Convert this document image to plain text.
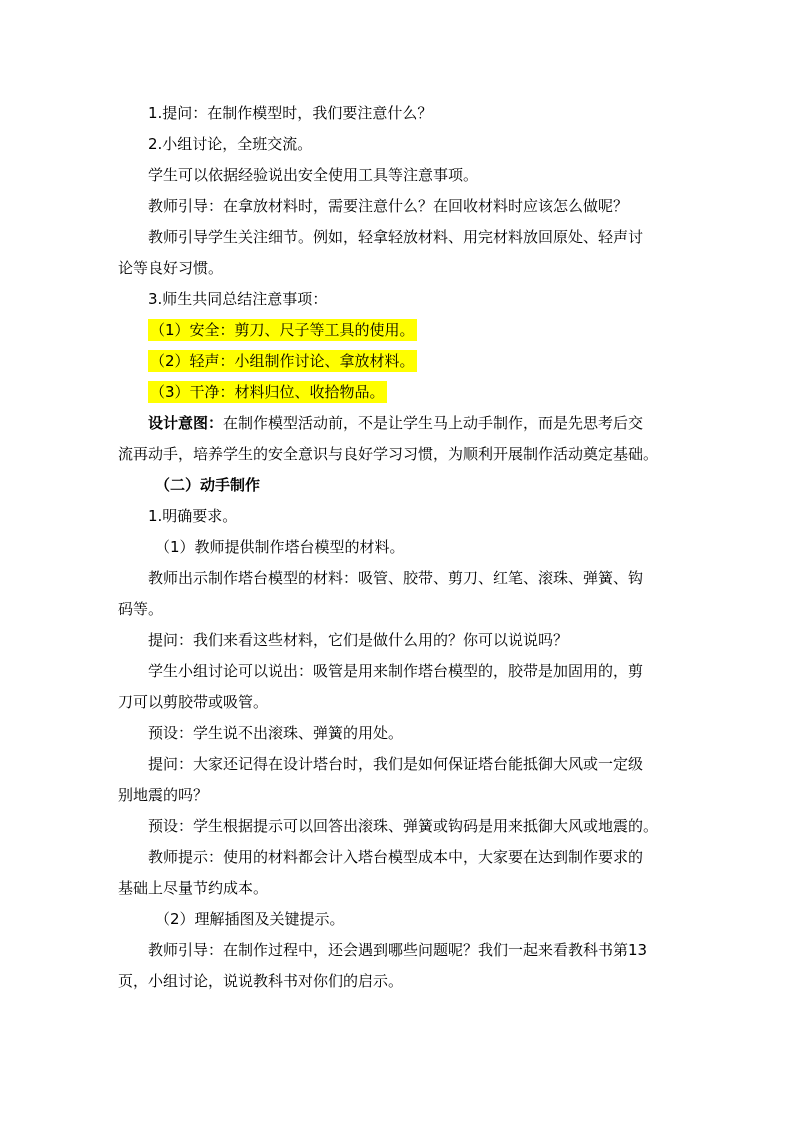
1.提问：在制作模型时，我们要注意什么？
2.小组讨论，全班交流。
学生可以依据经验说出安全使用工具等注意事项。
教师引导：在拿放材料时，需要注意什么？在回收材料时应该怎么做呢？
教师引导学生关注细节。例如，轻拿轻放材料、用完材料放回原处、轻声讨
论等良好习惯。
3.师生共同总结注意事项：
（1）安全：剪刀、尺子等工具的使用。
（2）轻声：小组制作讨论、拿放材料。
（3）干净：材料归位、收拾物品。
设计意图：在制作模型活动前，不是让学生马上动手制作，而是先思考后交
流再动手，培养学生的安全意识与良好学习习惯，为顺利开展制作活动奠定基础。
（二）动手制作
1.明确要求。
（1）教师提供制作塔台模型的材料。
教师出示制作塔台模型的材料：吸管、胶带、剪刀、红笔、滚珠、弹簧、钩
码等。
提问：我们来看这些材料，它们是做什么用的？你可以说说吗？
学生小组讨论可以说出：吸管是用来制作塔台模型的，胶带是加固用的，剪
刀可以剪胶带或吸管。
预设：学生说不出滚珠、弹簧的用处。
提问：大家还记得在设计塔台时，我们是如何保证塔台能抵御大风或一定级
别地震的吗？
预设：学生根据提示可以回答出滚珠、弹簧或钩码是用来抵御大风或地震的。
教师提示：使用的材料都会计入塔台模型成本中，大家要在达到制作要求的
基础上尽量节约成本。
（2）理解插图及关键提示。
教师引导：在制作过程中，还会遇到哪些问题呢？我们一起来看教科书第13
页，小组讨论，说说教科书对你们的启示。
